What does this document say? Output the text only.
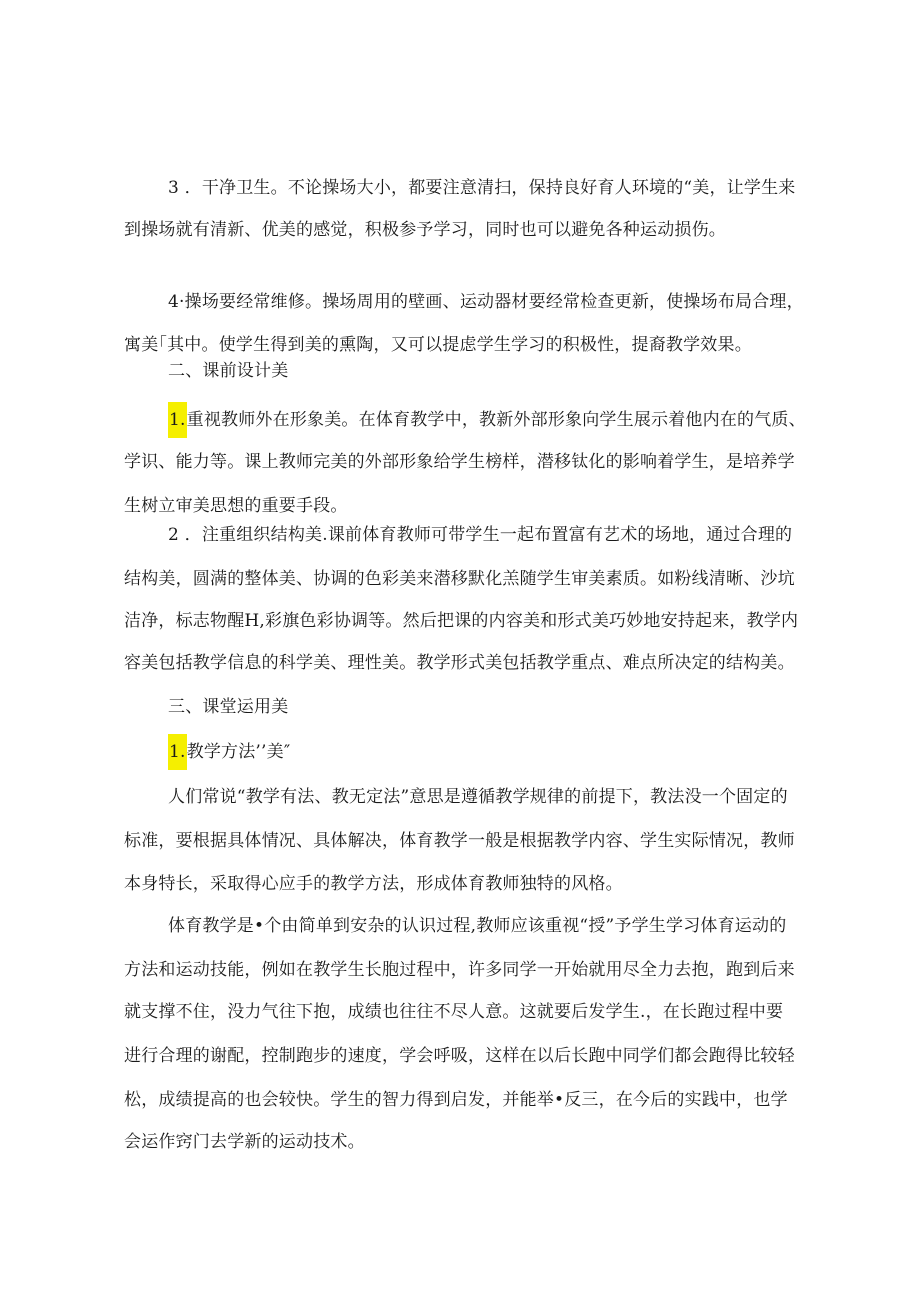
3 ．干净卫生。不论操场大小，都要注意清扫，保持良好育人环境的“美，让学生来
到操场就有清新、优美的感觉，积极参予学习，同时也可以避免各种运动损伤。
4·操场要经常维修。操场周用的壁画、运动器材要经常检查更新，使操场布局合理，
寓美｢其中。使学生得到美的熏陶，又可以提虑学生学习的积极性，提裔教学效果。
二、课前设计美
1.重视教师外在形象美。在体育教学中，教新外部形象向学生展示着他内在的气质、
学识、能力等。课上教师完美的外部形象给学生榜样，潜移钛化的影响着学生，是培养学
生树立审美思想的重要手段。
2 ．注重组织结构美.课前体育教师可带学生一起布置富有艺术的场地，通过合理的
结构美，圆满的整体美、协调的色彩美来潜移默化羔随学生审美素质。如粉线清晰、沙坑
洁净，标志物醒H,彩旗色彩协调等。然后把课的内容美和形式美巧妙地安持起来，教学内
容美包括教学信息的科学美、理性美。教学形式美包括教学重点、难点所决定的结构美。
三、课堂运用美
1.教学方法’’美″
人们常说“教学有法、教无定法”意思是遵循教学规律的前提下，教法没一个固定的
标准，要根据具体情况、具体解决，体育教学一般是根据教学内容、学生实际情况，教师
本身特长，采取得心应手的教学方法，形成体育教师独特的风格。
体育教学是•个由简单到安杂的认识过程,教师应该重视“授”予学生学习体育运动的
方法和运动技能，例如在教学生长胞过程中，许多同学一开始就用尽全力去抱，跑到后来
就支撑不住，没力气往下抱，成绩也往往不尽人意。这就要后发学生.，在长跑过程中要
进行合理的谢配，控制跑步的速度，学会呼吸，这样在以后长跑中同学们都会跑得比较轻
松，成绩提高的也会较快。学生的智力得到启发，并能举•反三，在今后的实践中，也学
会运作窍门去学新的运动技术。
